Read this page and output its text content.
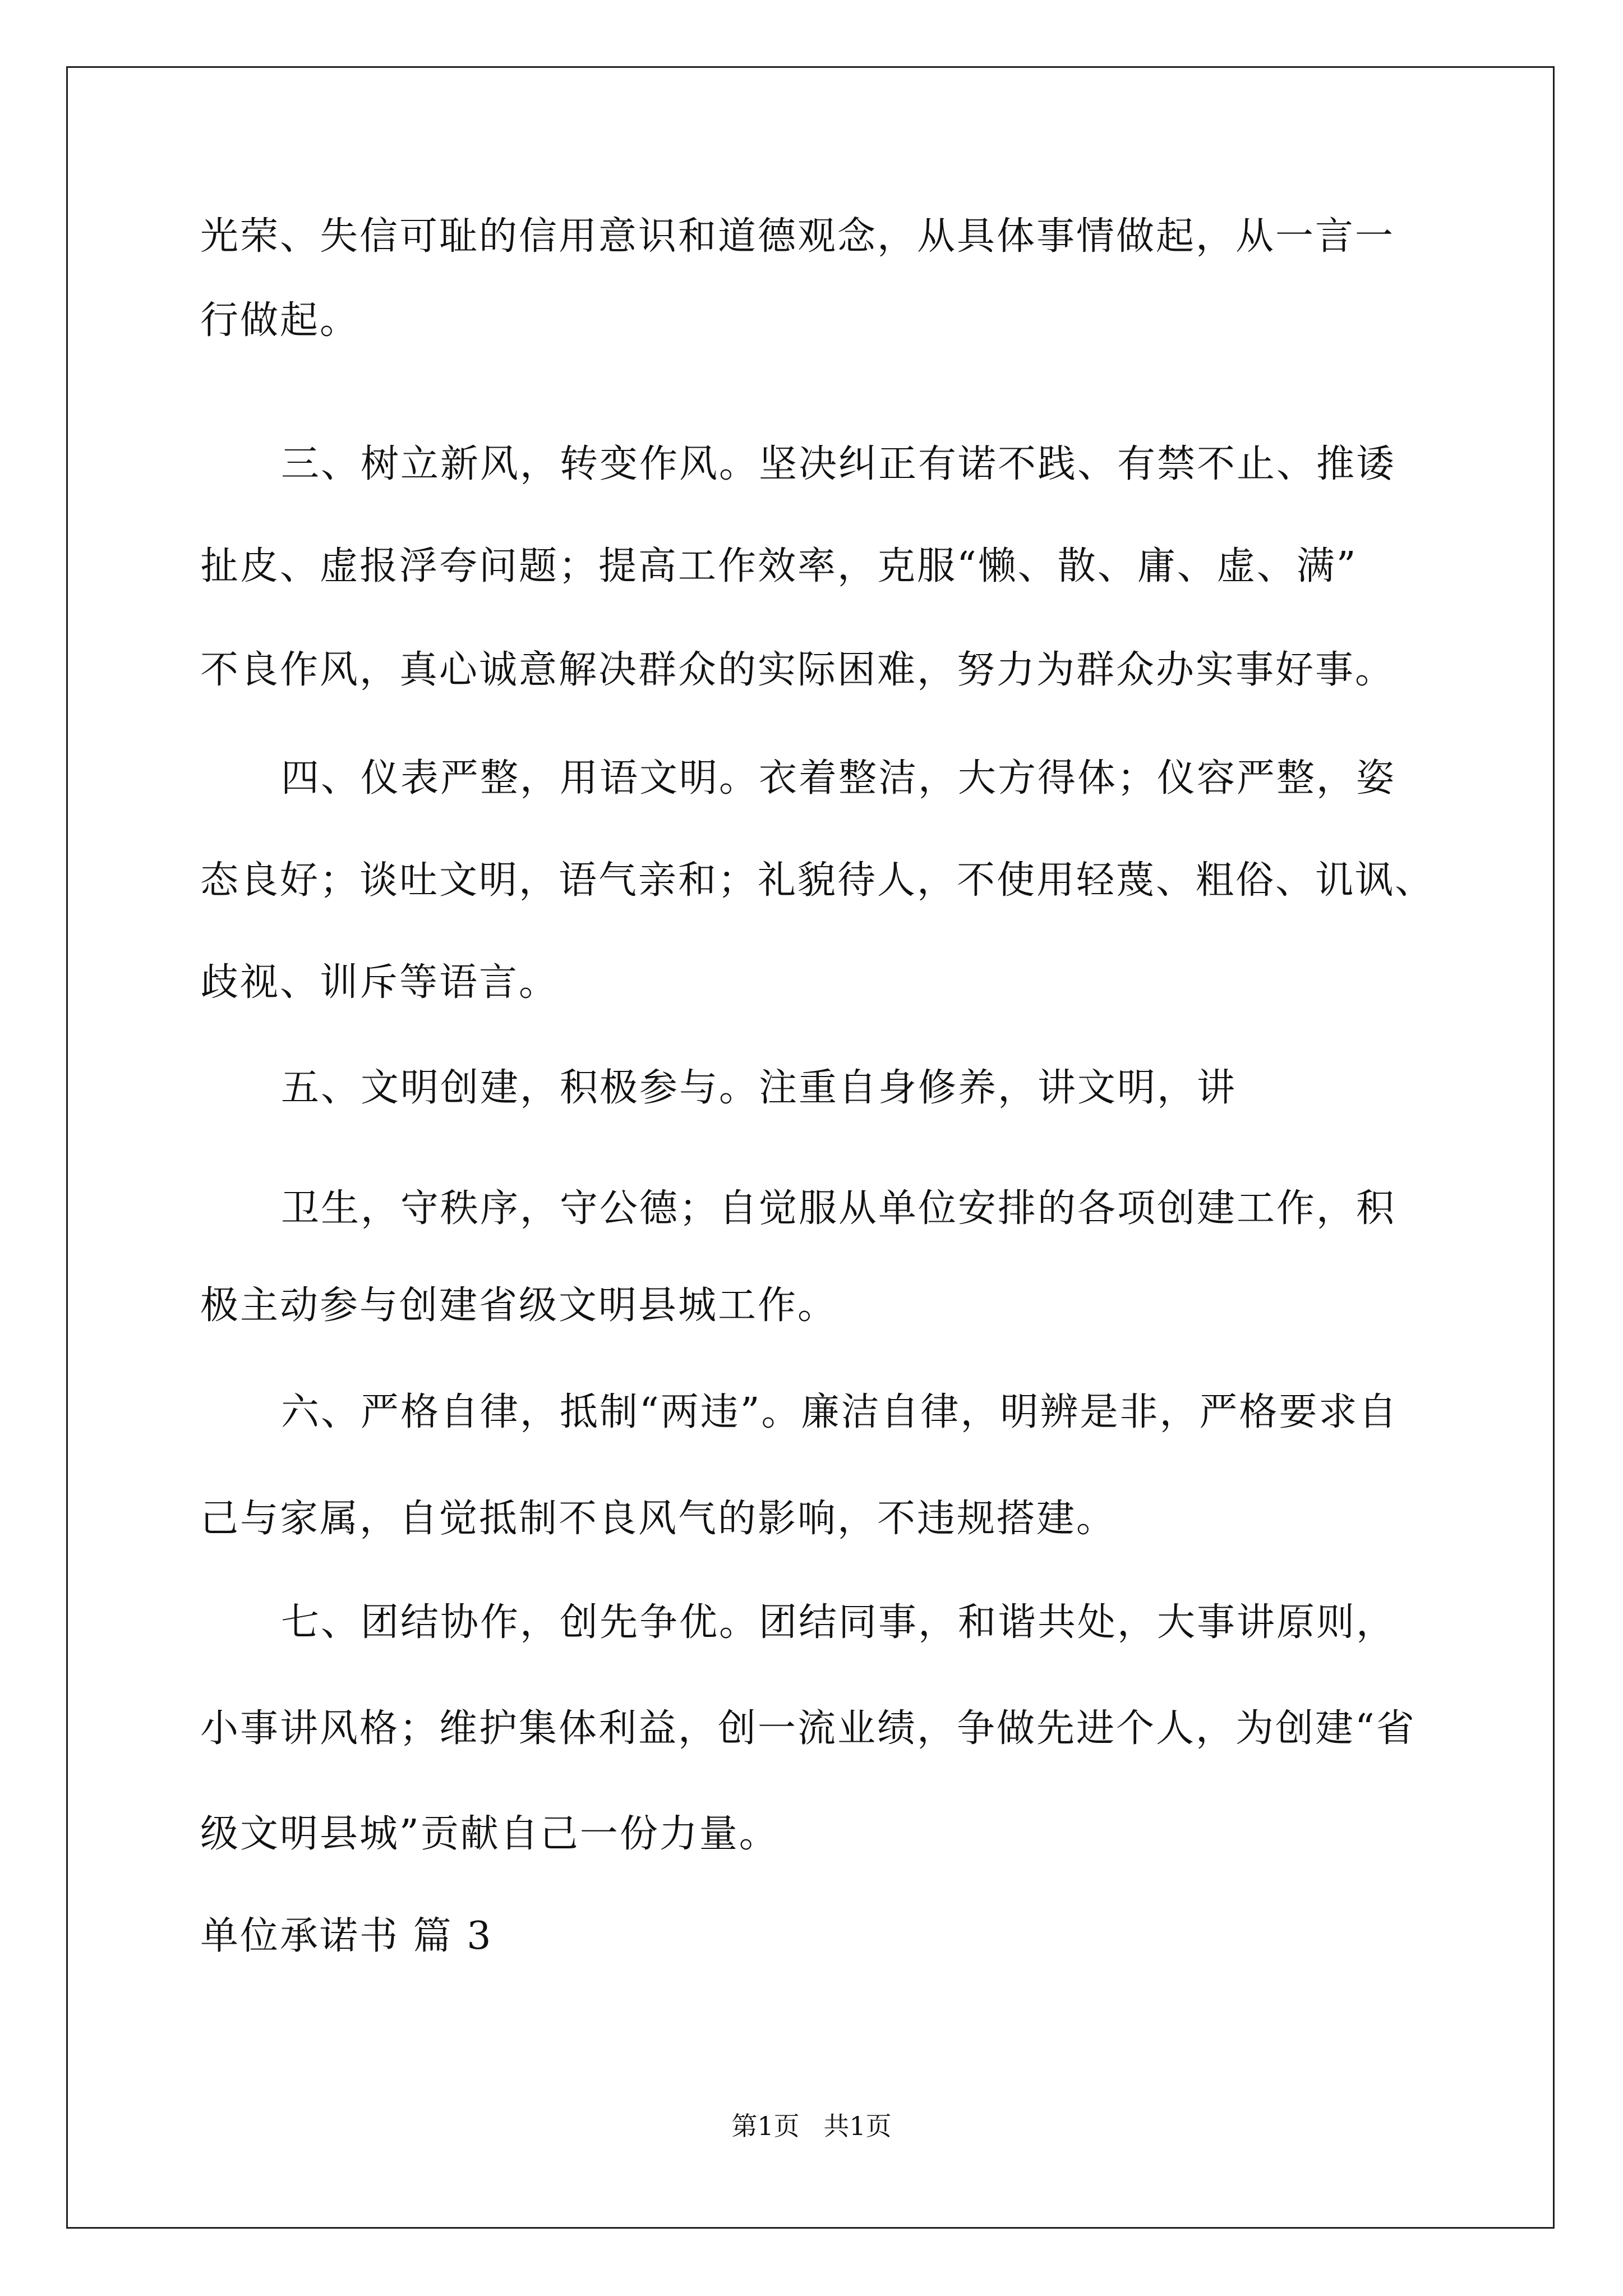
光荣、失信可耻的信用意识和道德观念，从具体事情做起，从一言一
行做起。
三、树立新风，转变作风。坚决纠正有诺不践、有禁不止、推诿
扯皮、虚报浮夸问题；提高工作效率，克服“懒、散、庸、虚、满”
不良作风，真心诚意解决群众的实际困难，努力为群众办实事好事。
四、仪表严整，用语文明。衣着整洁，大方得体；仪容严整，姿
态良好；谈吐文明，语气亲和；礼貌待人，不使用轻蔑、粗俗、讥讽、
歧视、训斥等语言。
五、文明创建，积极参与。注重自身修养，讲文明，讲
卫生，守秩序，守公德；自觉服从单位安排的各项创建工作，积
极主动参与创建省级文明县城工作。
六、严格自律，抵制“两违”。廉洁自律，明辨是非，严格要求自
己与家属，自觉抵制不良风气的影响，不违规搭建。
七、团结协作，创先争优。团结同事，和谐共处，大事讲原则，
小事讲风格；维护集体利益，创一流业绩，争做先进个人，为创建“省
级文明县城”贡献自己一份力量。
单位承诺书 篇 3
第1页 共1页
